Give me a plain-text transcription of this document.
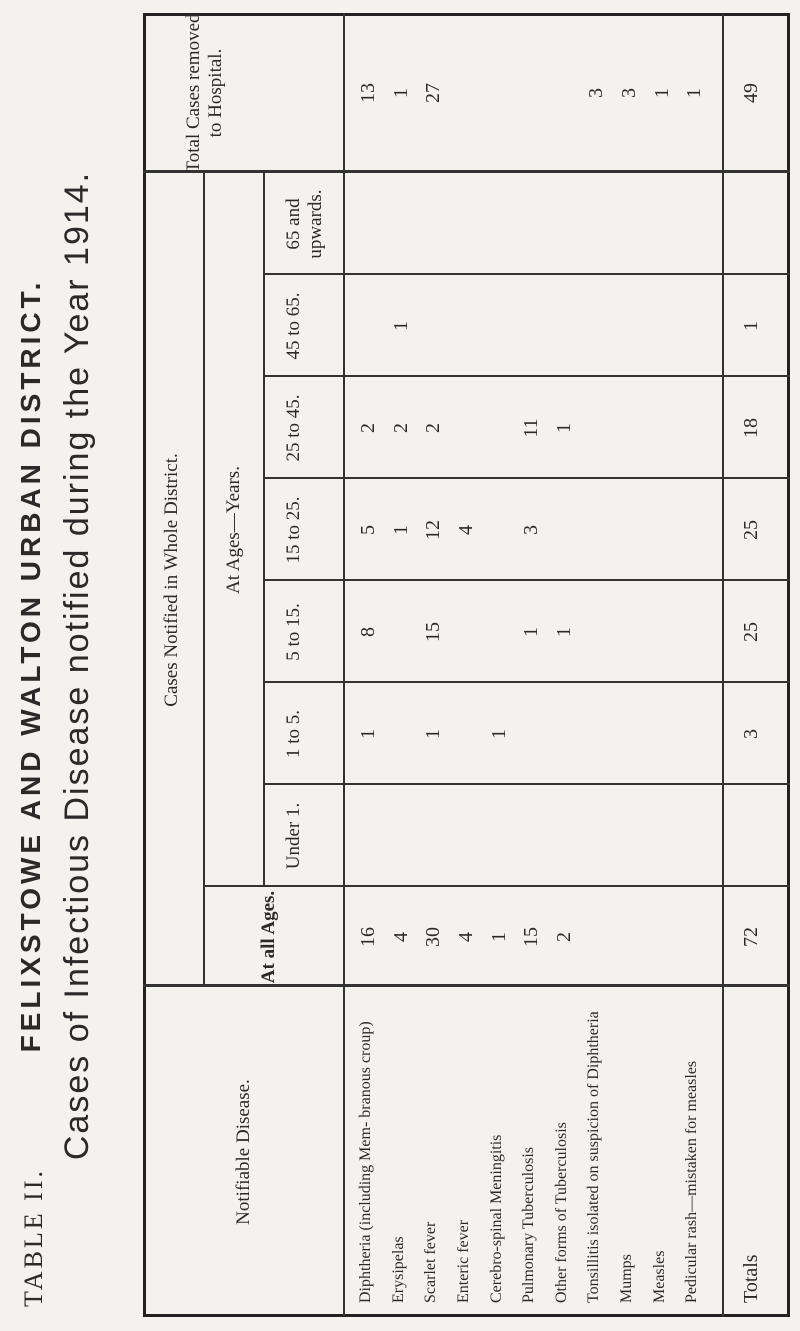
TABLE II.
FELIXSTOWE AND WALTON URBAN DISTRICT. Cases of Infectious Disease notified during the Year 1914.	Notifiable Disease.
At all Ages.
Cases Notified in Whole District. At Ages—Years.
Under 1.
1 to 5.
5 to 15.
15 to 25.
25 to 45.
45 to 65.
65 and upwards.
Total Cases removed to Hospital.
Diphtheria (including Mem- branous croup)
16
1
8
5
2
13
Erysipelas
4
1
2
1
1
Scarlet fever
30
1
15
12
2
27
Enteric fever
4
4
Cerebro-spinal Meningitis
1
1
Pulmonary Tuberculosis
15
1
3
11
Other forms of Tuberculosis
2
1
1
Tonsillitis isolated on suspicion of Diphtheria
3
Mumps
3
Measles
1
Pedicular rash—mistaken for measles
1
Totals
72
3
25
25
18
1
49
